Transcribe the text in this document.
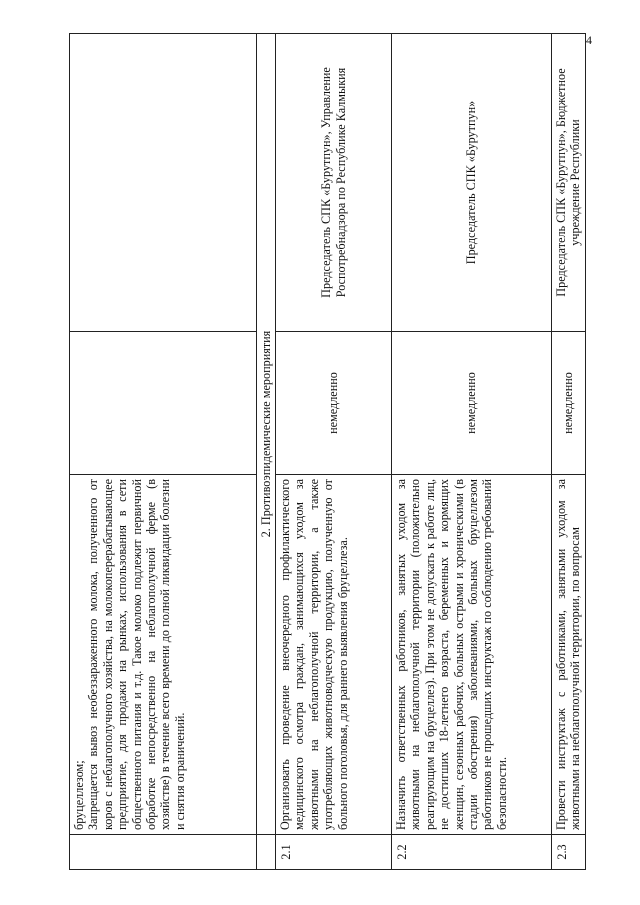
4

	бруцеллезом; Запрещается вывоз необеззараженного молока, полученного от коров с неблагополучного хозяйства, на молокоперерабатывающее предприятие, для продажи на рынках, использования в сети общественного питания и т.д. Такое молоко подлежит первичной обработке непосредственно на неблагополучной ферме (в хозяйстве) в течение всего времени до полной ликвидации болезни и снятия ограничений.		

	2. Противоэпидемические мероприятия		
2.1	Организовать проведение внеочередного профилактического медицинского осмотра граждан, занимающихся уходом за животными на неблагополучной территории, а также употребляющих животноводческую продукцию, полученную от больного поголовья, для раннего выявления бруцеллеза.	немедленно	Председатель СПК «Бурутпун», Управление Роспотребнадзора по Республике Калмыкия

2.2	Назначить ответственных работников, занятых уходом за животными на неблагополучной территории (положительно реагирующим на бруцеллез). При этом не допускать к работе лиц, не достигших 18-летнего возраста, беременных и кормящих женщин, сезонных рабочих, больных острыми и хроническими (в стадии обострения) заболеваниями, больных бруцеллезом работников не прошедших инструктаж по соблюдению требований безопасности.	немедленно	Председатель СПК «Бурутпун»

2.3	Провести инструктаж с работниками, занятыми уходом за животными на неблагополучной территории, по вопросам	немедленно	Председатель СПК «Бурутпун», Бюджетное учреждение Республики
